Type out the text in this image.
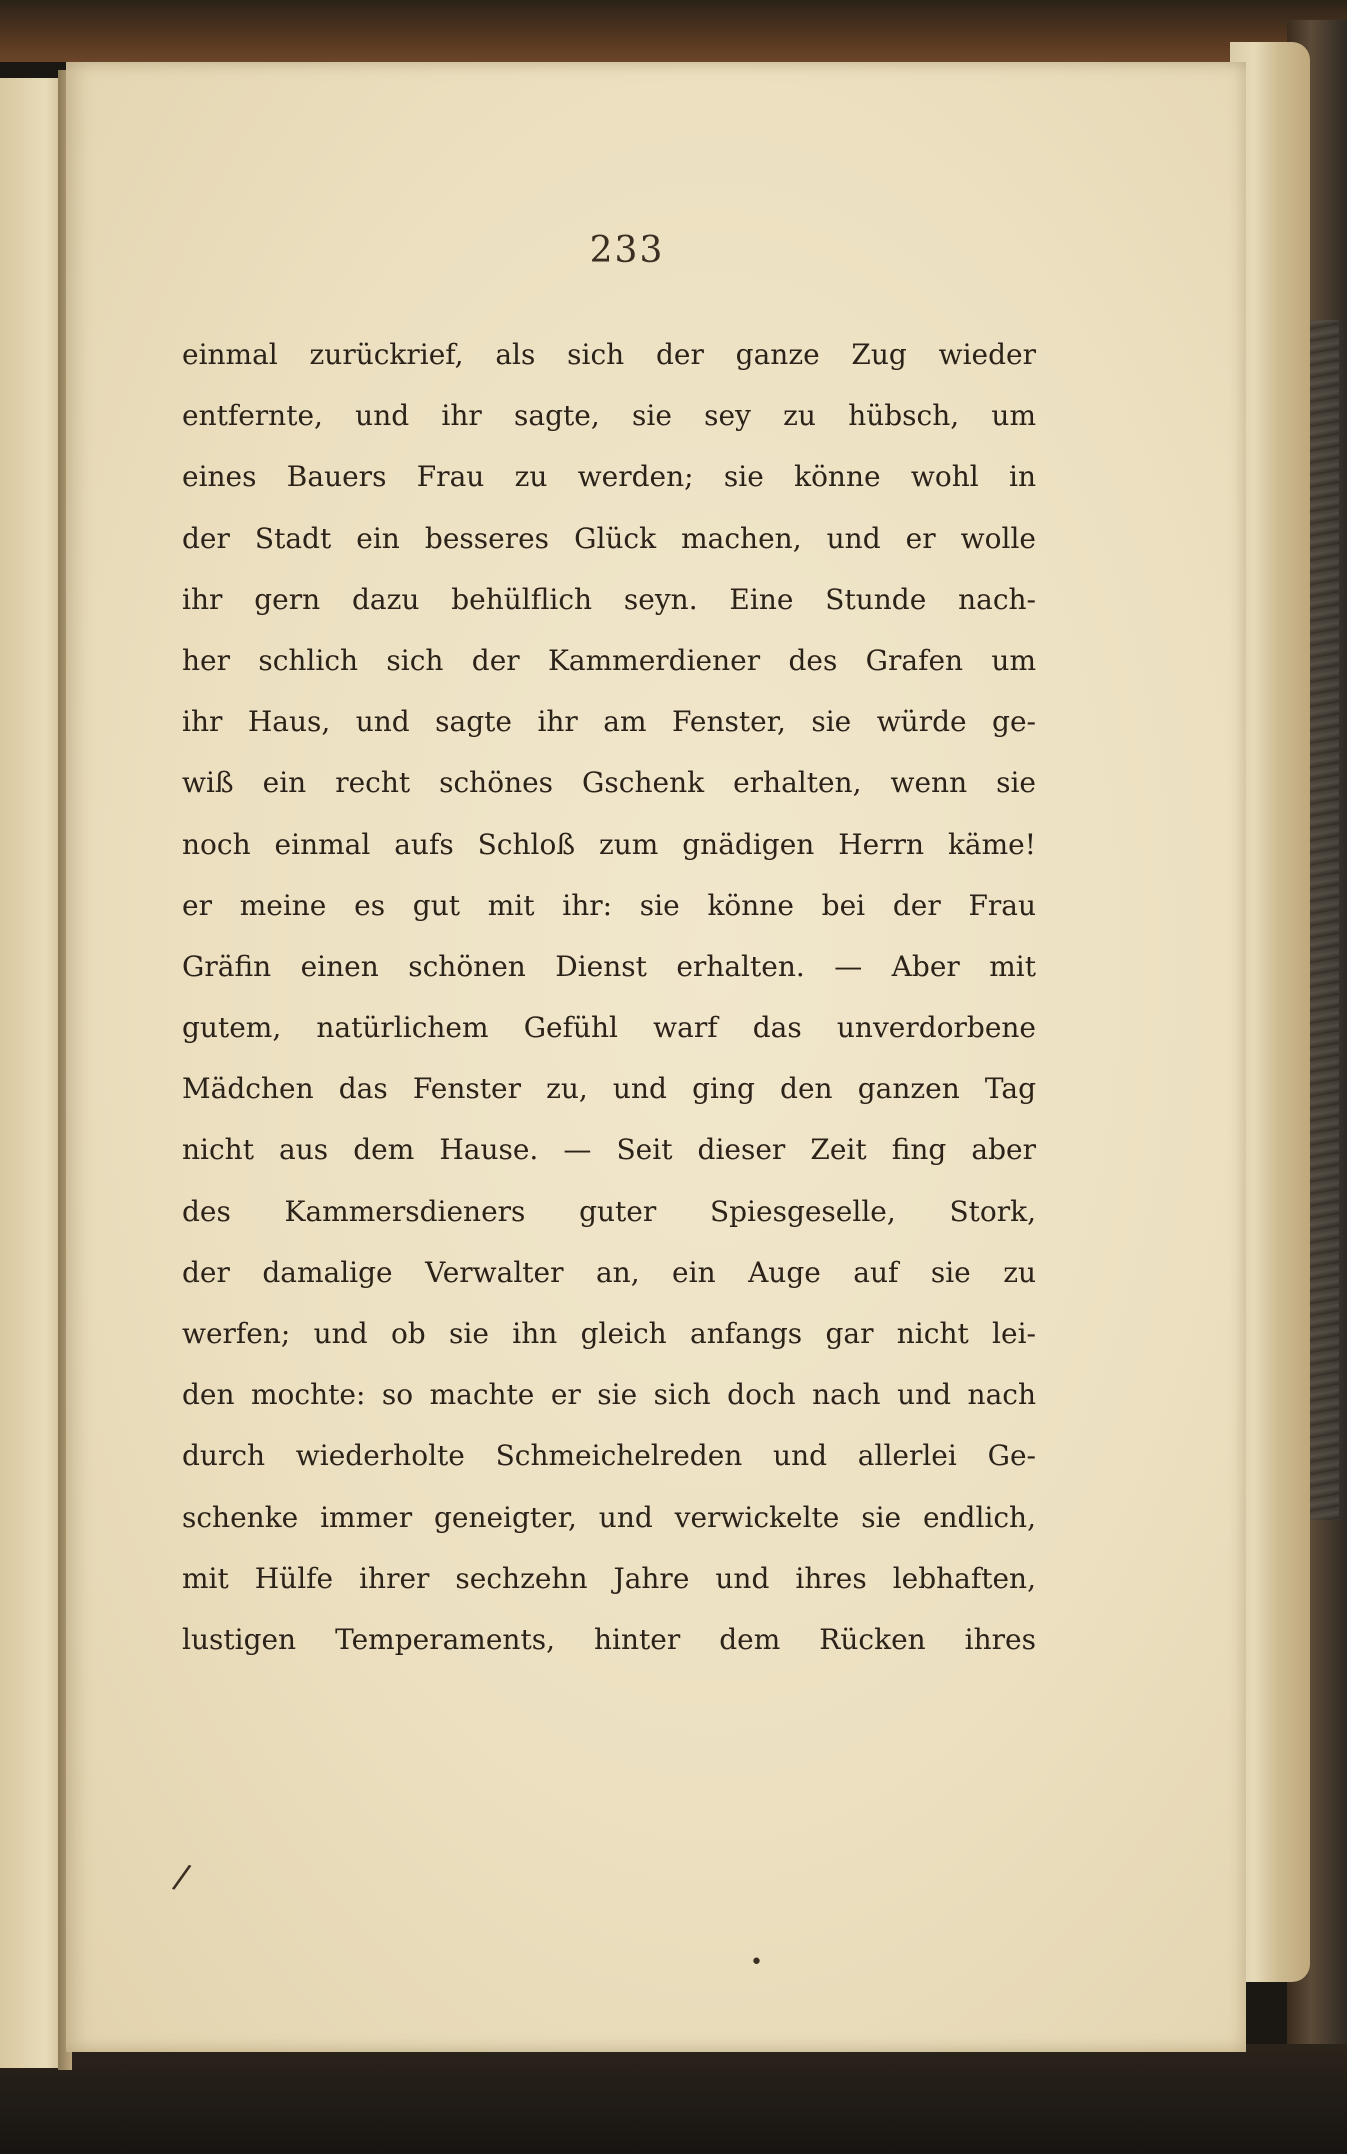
233
einmal zurückrief, als sich der ganze Zug wieder
entfernte, und ihr sagte, sie sey zu hübsch, um
eines Bauers Frau zu werden; sie könne wohl in
der Stadt ein besseres Glück machen, und er wolle
ihr gern dazu behülflich seyn. Eine Stunde nach-
her schlich sich der Kammerdiener des Grafen um
ihr Haus, und sagte ihr am Fenster, sie würde ge-
wiß ein recht schönes Gschenk erhalten, wenn sie
noch einmal aufs Schloß zum gnädigen Herrn käme!
er meine es gut mit ihr: sie könne bei der Frau
Gräfin einen schönen Dienst erhalten. — Aber mit
gutem, natürlichem Gefühl warf das unverdorbene
Mädchen das Fenster zu, und ging den ganzen Tag
nicht aus dem Hause. — Seit dieser Zeit fing aber
des Kammersdieners guter Spiesgeselle, Stork,
der damalige Verwalter an, ein Auge auf sie zu
werfen; und ob sie ihn gleich anfangs gar nicht lei-
den mochte: so machte er sie sich doch nach und nach
durch wiederholte Schmeichelreden und allerlei Ge-
schenke immer geneigter, und verwickelte sie endlich,
mit Hülfe ihrer sechzehn Jahre und ihres lebhaften,
lustigen Temperaments, hinter dem Rücken ihres
/
•
